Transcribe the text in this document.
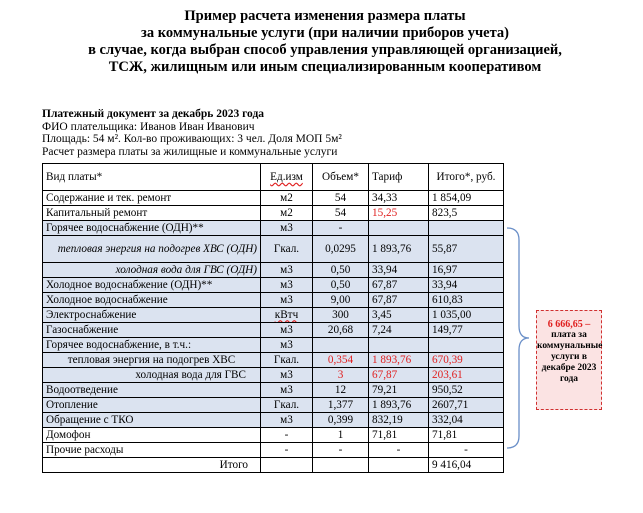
Пример расчета изменения размера платы
за коммунальные услуги (при наличии приборов учета)
в случае, когда выбран способ управления управляющей организацией,
ТСЖ, жилищным или иным специализированным кооперативом
Платежный документ за декабрь 2023 года
ФИО плательщика: Иванов Иван Иванович
Площадь: 54 м². Кол-во проживающих: 3 чел. Доля МОП 5м²
Расчет размера платы за жилищные и коммунальные услуги
Вид платы*	Ед.изм	Объем*	Тариф	Итого*, руб.
Содержание и тек. ремонт	м2	54	34,33	1 854,09
Капитальный ремонт	м2	54	15,25	823,5
Горячее водоснабжение (ОДН)**	м3	-		
тепловая энергия на подогрев ХВС (ОДН)	Гкал.	0,0295	1 893,76	55,87
холодная вода для ГВС (ОДН)	м3	0,50	33,94	16,97
Холодное водоснабжение (ОДН)**	м3	0,50	67,87	33,94
Холодное водоснабжение	м3	9,00	67,87	610,83
Электроснабжение	кВтч	300	3,45	1 035,00
Газоснабжение	м3	20,68	7,24	149,77
Горячее водоснабжение, в т.ч.:	м3			
тепловая энергия на подогрев ХВС	Гкал.	0,354	1 893,76	670,39
холодная вода для ГВС	м3	3	67,87	203,61
Водоотведение	м3	12	79,21	950,52
Отопление	Гкал.	1,377	1 893,76	2607,71
Обращение с ТКО	м3	0,399	832,19	332,04
Домофон	-	1	71,81	71,81
Прочие расходы	-	-	-	-
Итого				9 416,04
6 666,65 –
плата за коммунальные услуги в декабре 2023 года
